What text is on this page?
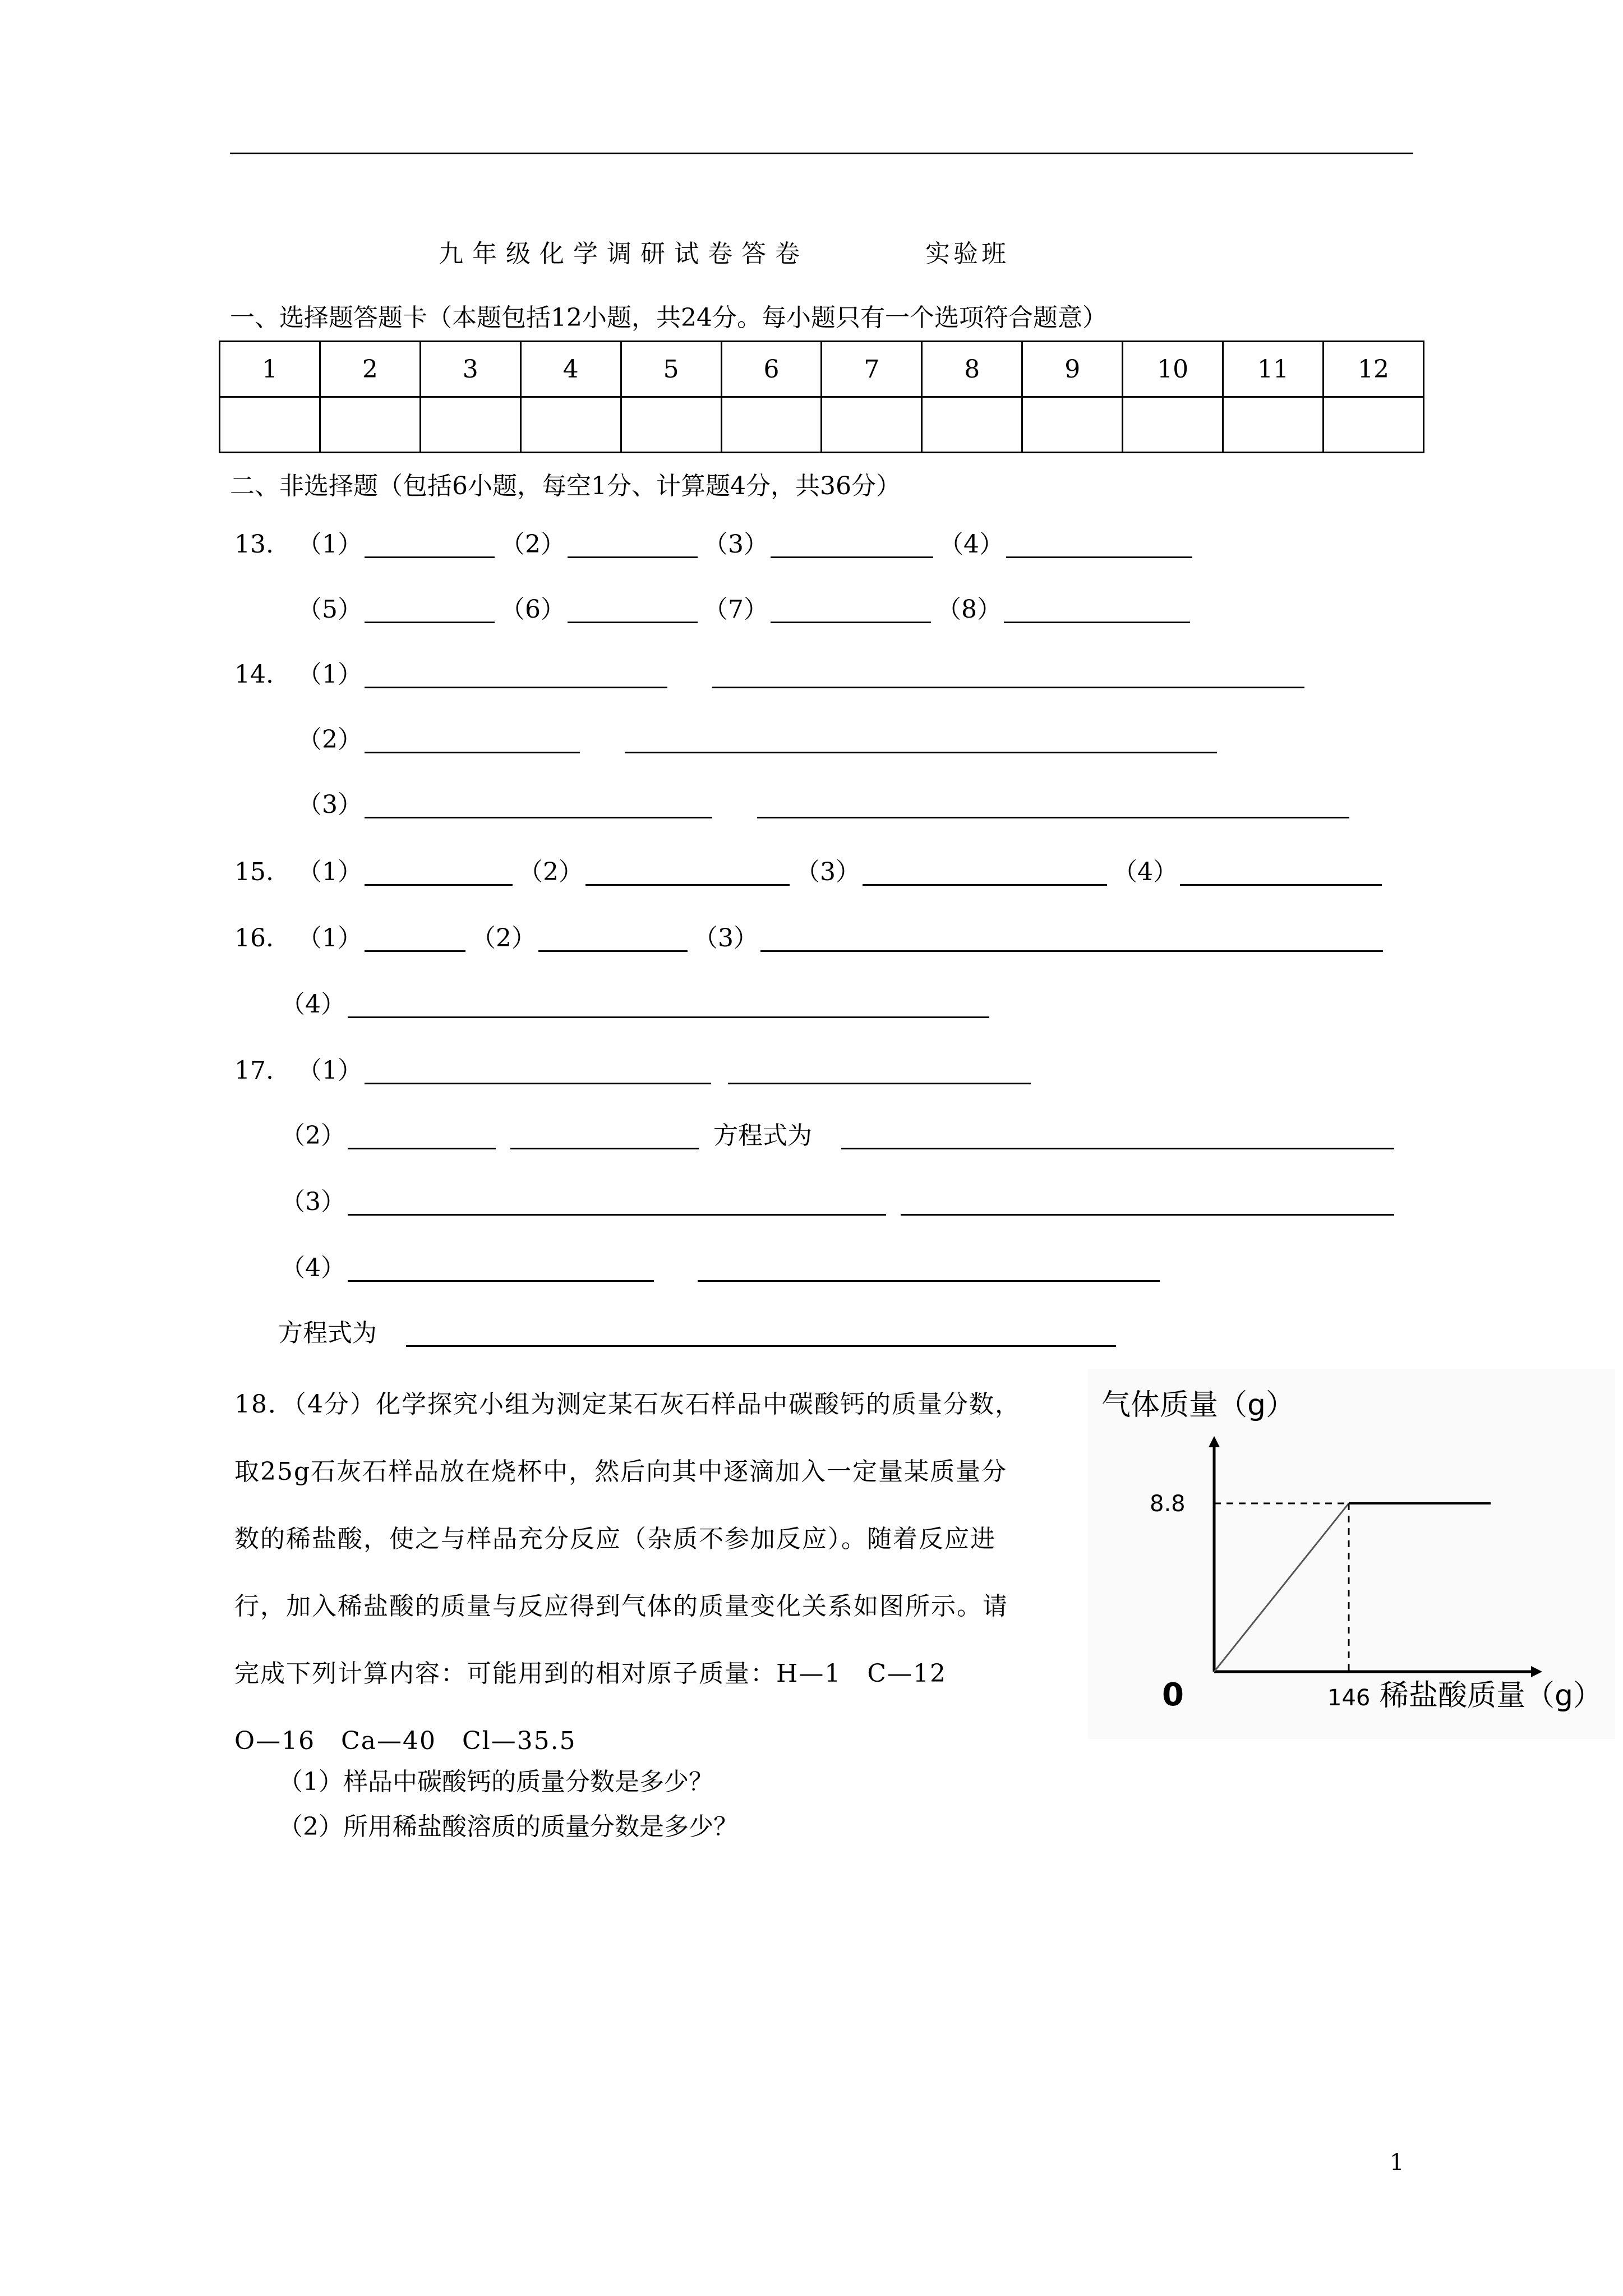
九年级化学调研试卷答卷	实验班
一、选择题答题卡（本题包括12小题，共24分。每小题只有一个选项符合题意）
1	2	3	4	5	6	7	8	9	10	11	12

二、非选择题（包括6小题，每空1分、计算题4分，共36分）
13. （1）	（2）	（3）	（4）
（5）	（6）	（7）	（8）
14. （1）
（2）
（3）
15. （1）	（2）	（3）	（4）
16. （1）	（2）	（3）
（4）
17. （1）
（2）	方程式为
（3）
（4）
方程式为
18．（4分）化学探究小组为测定某石灰石样品中碳酸钙的质量分数，
取25g石灰石样品放在烧杯中，然后向其中逐滴加入一定量某质量分
数的稀盐酸，使之与样品充分反应（杂质不参加反应）。随着反应进
行，加入稀盐酸的质量与反应得到气体的质量变化关系如图所示。请
完成下列计算内容：可能用到的相对原子质量：H—1　C—12
O—16　Ca—40　Cl—35.5
（1）样品中碳酸钙的质量分数是多少？
（2）所用稀盐酸溶质的质量分数是多少？
气体质量（g）
8.8
146
0	稀盐酸质量（g）
1
